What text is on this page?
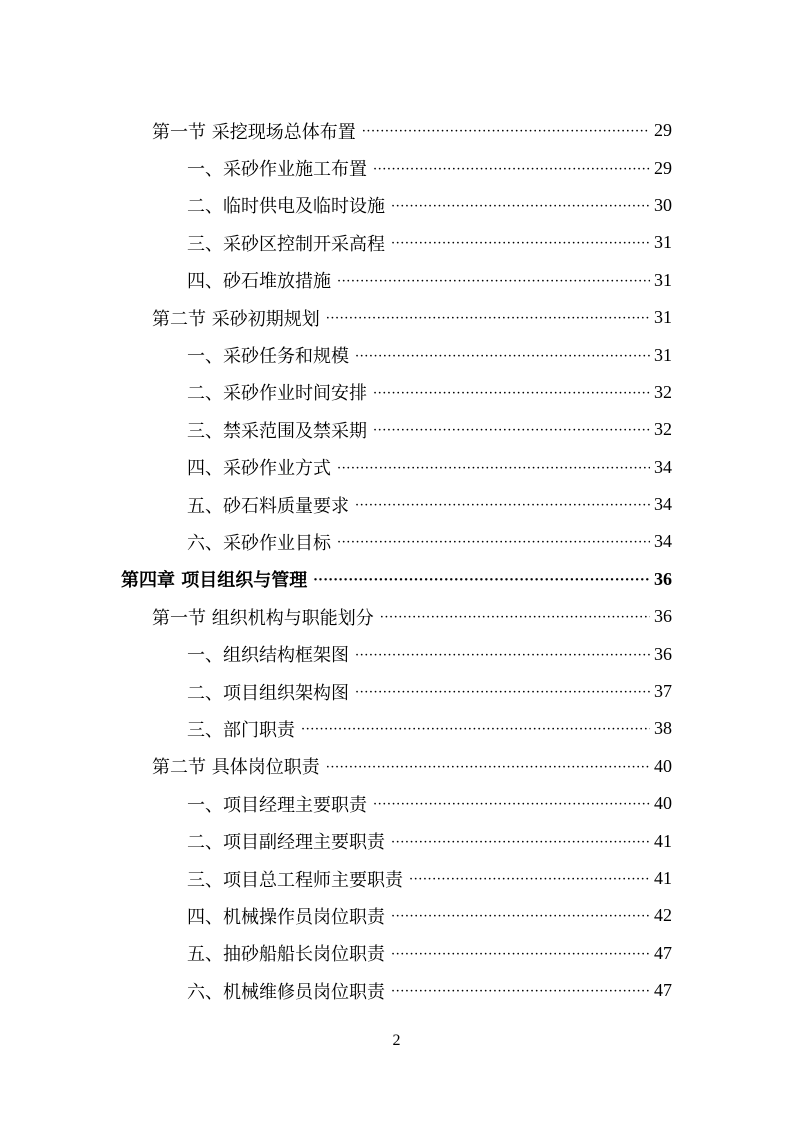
第一节 采挖现场总体布置 ·····	29
一、采砂作业施工布置 ·····	29
二、临时供电及临时设施 ·····	30
三、采砂区控制开采高程 ·····	31
四、砂石堆放措施 ·····	31
第二节 采砂初期规划 ·····	31
一、采砂任务和规模 ·····	31
二、采砂作业时间安排 ·····	32
三、禁采范围及禁采期 ·····	32
四、采砂作业方式 ·····	34
五、砂石料质量要求 ·····	34
六、采砂作业目标 ·····	34
第四章 项目组织与管理 ·····	36
第一节 组织机构与职能划分 ·····	36
一、组织结构框架图 ·····	36
二、项目组织架构图 ·····	37
三、部门职责 ·····	38
第二节 具体岗位职责 ·····	40
一、项目经理主要职责 ·····	40
二、项目副经理主要职责 ·····	41
三、项目总工程师主要职责 ·····	41
四、机械操作员岗位职责 ·····	42
五、抽砂船船长岗位职责 ·····	47
六、机械维修员岗位职责 ·····	47
2
